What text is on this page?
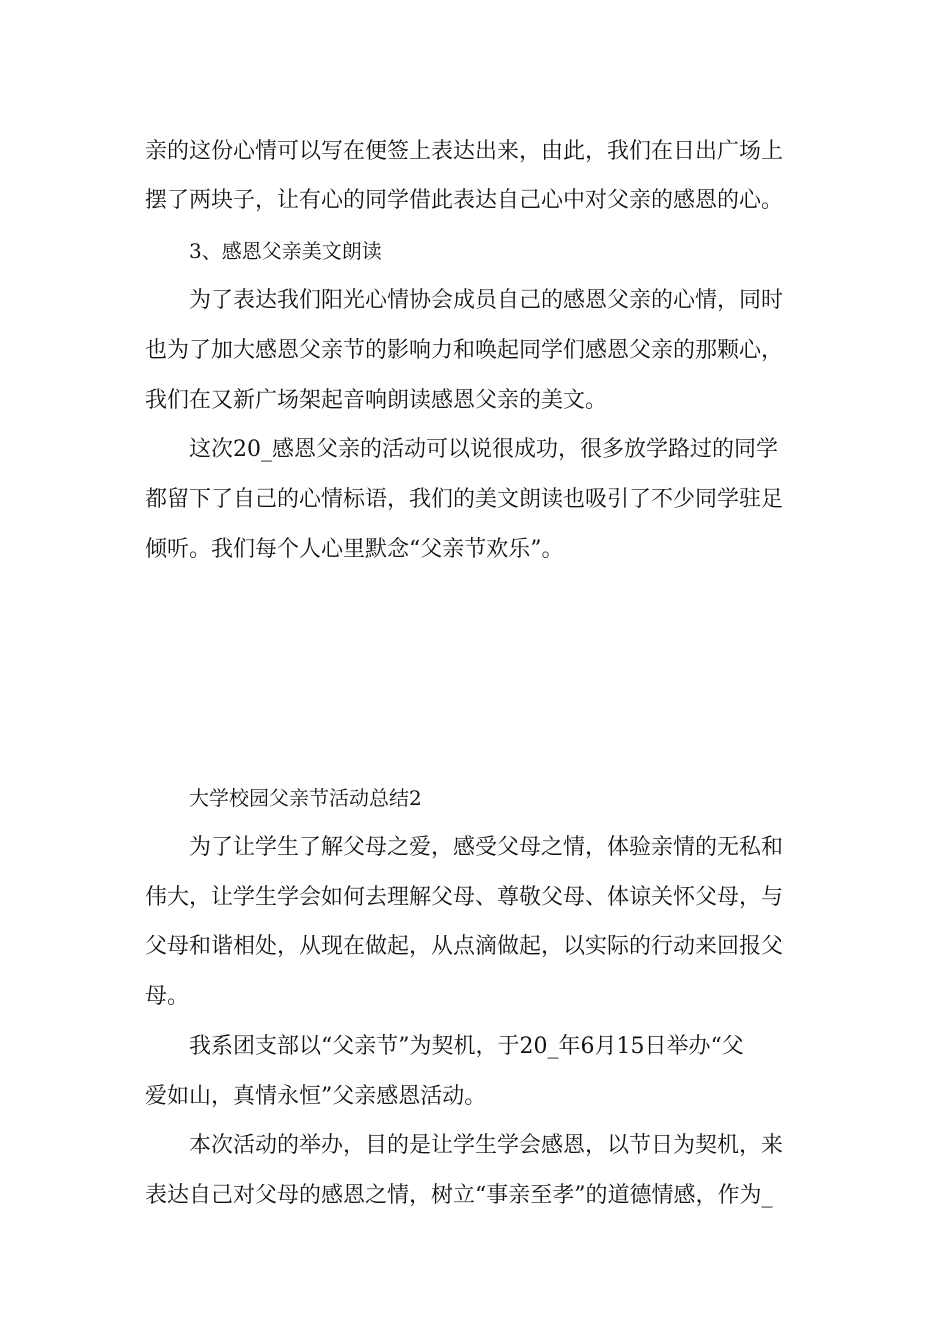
亲的这份心情可以写在便签上表达出来，由此，我们在日出广场上
摆了两块子，让有心的同学借此表达自己心中对父亲的感恩的心。
3、感恩父亲美文朗读
为了表达我们阳光心情协会成员自己的感恩父亲的心情，同时
也为了加大感恩父亲节的影响力和唤起同学们感恩父亲的那颗心，
我们在又新广场架起音响朗读感恩父亲的美文。
这次20_感恩父亲的活动可以说很成功，很多放学路过的同学
都留下了自己的心情标语，我们的美文朗读也吸引了不少同学驻足
倾听。我们每个人心里默念“父亲节欢乐”。
大学校园父亲节活动总结2
为了让学生了解父母之爱，感受父母之情，体验亲情的无私和
伟大，让学生学会如何去理解父母、尊敬父母、体谅关怀父母，与
父母和谐相处，从现在做起，从点滴做起，以实际的行动来回报父
母。
我系团支部以“父亲节”为契机，于20_年6月15日举办“父
爱如山，真情永恒”父亲感恩活动。
本次活动的举办，目的是让学生学会感恩，以节日为契机，来
表达自己对父母的感恩之情，树立“事亲至孝”的道德情感，作为_
